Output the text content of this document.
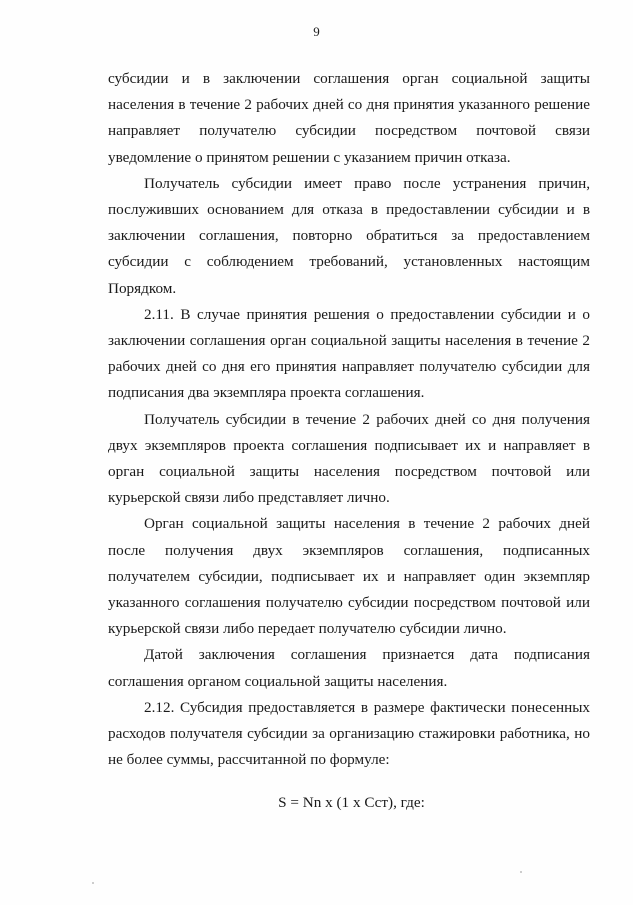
9

субсидии и в заключении соглашения орган социальной защиты населения в течение 2 рабочих дней со дня принятия указанного решение направляет получателю субсидии посредством почтовой связи уведомление о принятом решении с указанием причин отказа.

Получатель субсидии имеет право после устранения причин, послуживших основанием для отказа в предоставлении субсидии и в заключении соглашения, повторно обратиться за предоставлением субсидии с соблюдением требований, установленных настоящим Порядком.

2.11. В случае принятия решения о предоставлении субсидии и о заключении соглашения орган социальной защиты населения в течение 2 рабочих дней со дня его принятия направляет получателю субсидии для подписания два экземпляра проекта соглашения.

Получатель субсидии в течение 2 рабочих дней со дня получения двух экземпляров проекта соглашения подписывает их и направляет в орган социальной защиты населения посредством почтовой или курьерской связи либо представляет лично.

Орган социальной защиты населения в течение 2 рабочих дней после получения двух экземпляров соглашения, подписанных получателем субсидии, подписывает их и направляет один экземпляр указанного соглашения получателю субсидии посредством почтовой или курьерской связи либо передает получателю субсидии лично.

Датой заключения соглашения признается дата подписания соглашения органом социальной защиты населения.

2.12. Субсидия предоставляется в размере фактически понесенных расходов получателя субсидии за организацию стажировки работника, но не более суммы, рассчитанной по формуле:

S = Nn x (1 x Сст), где:
